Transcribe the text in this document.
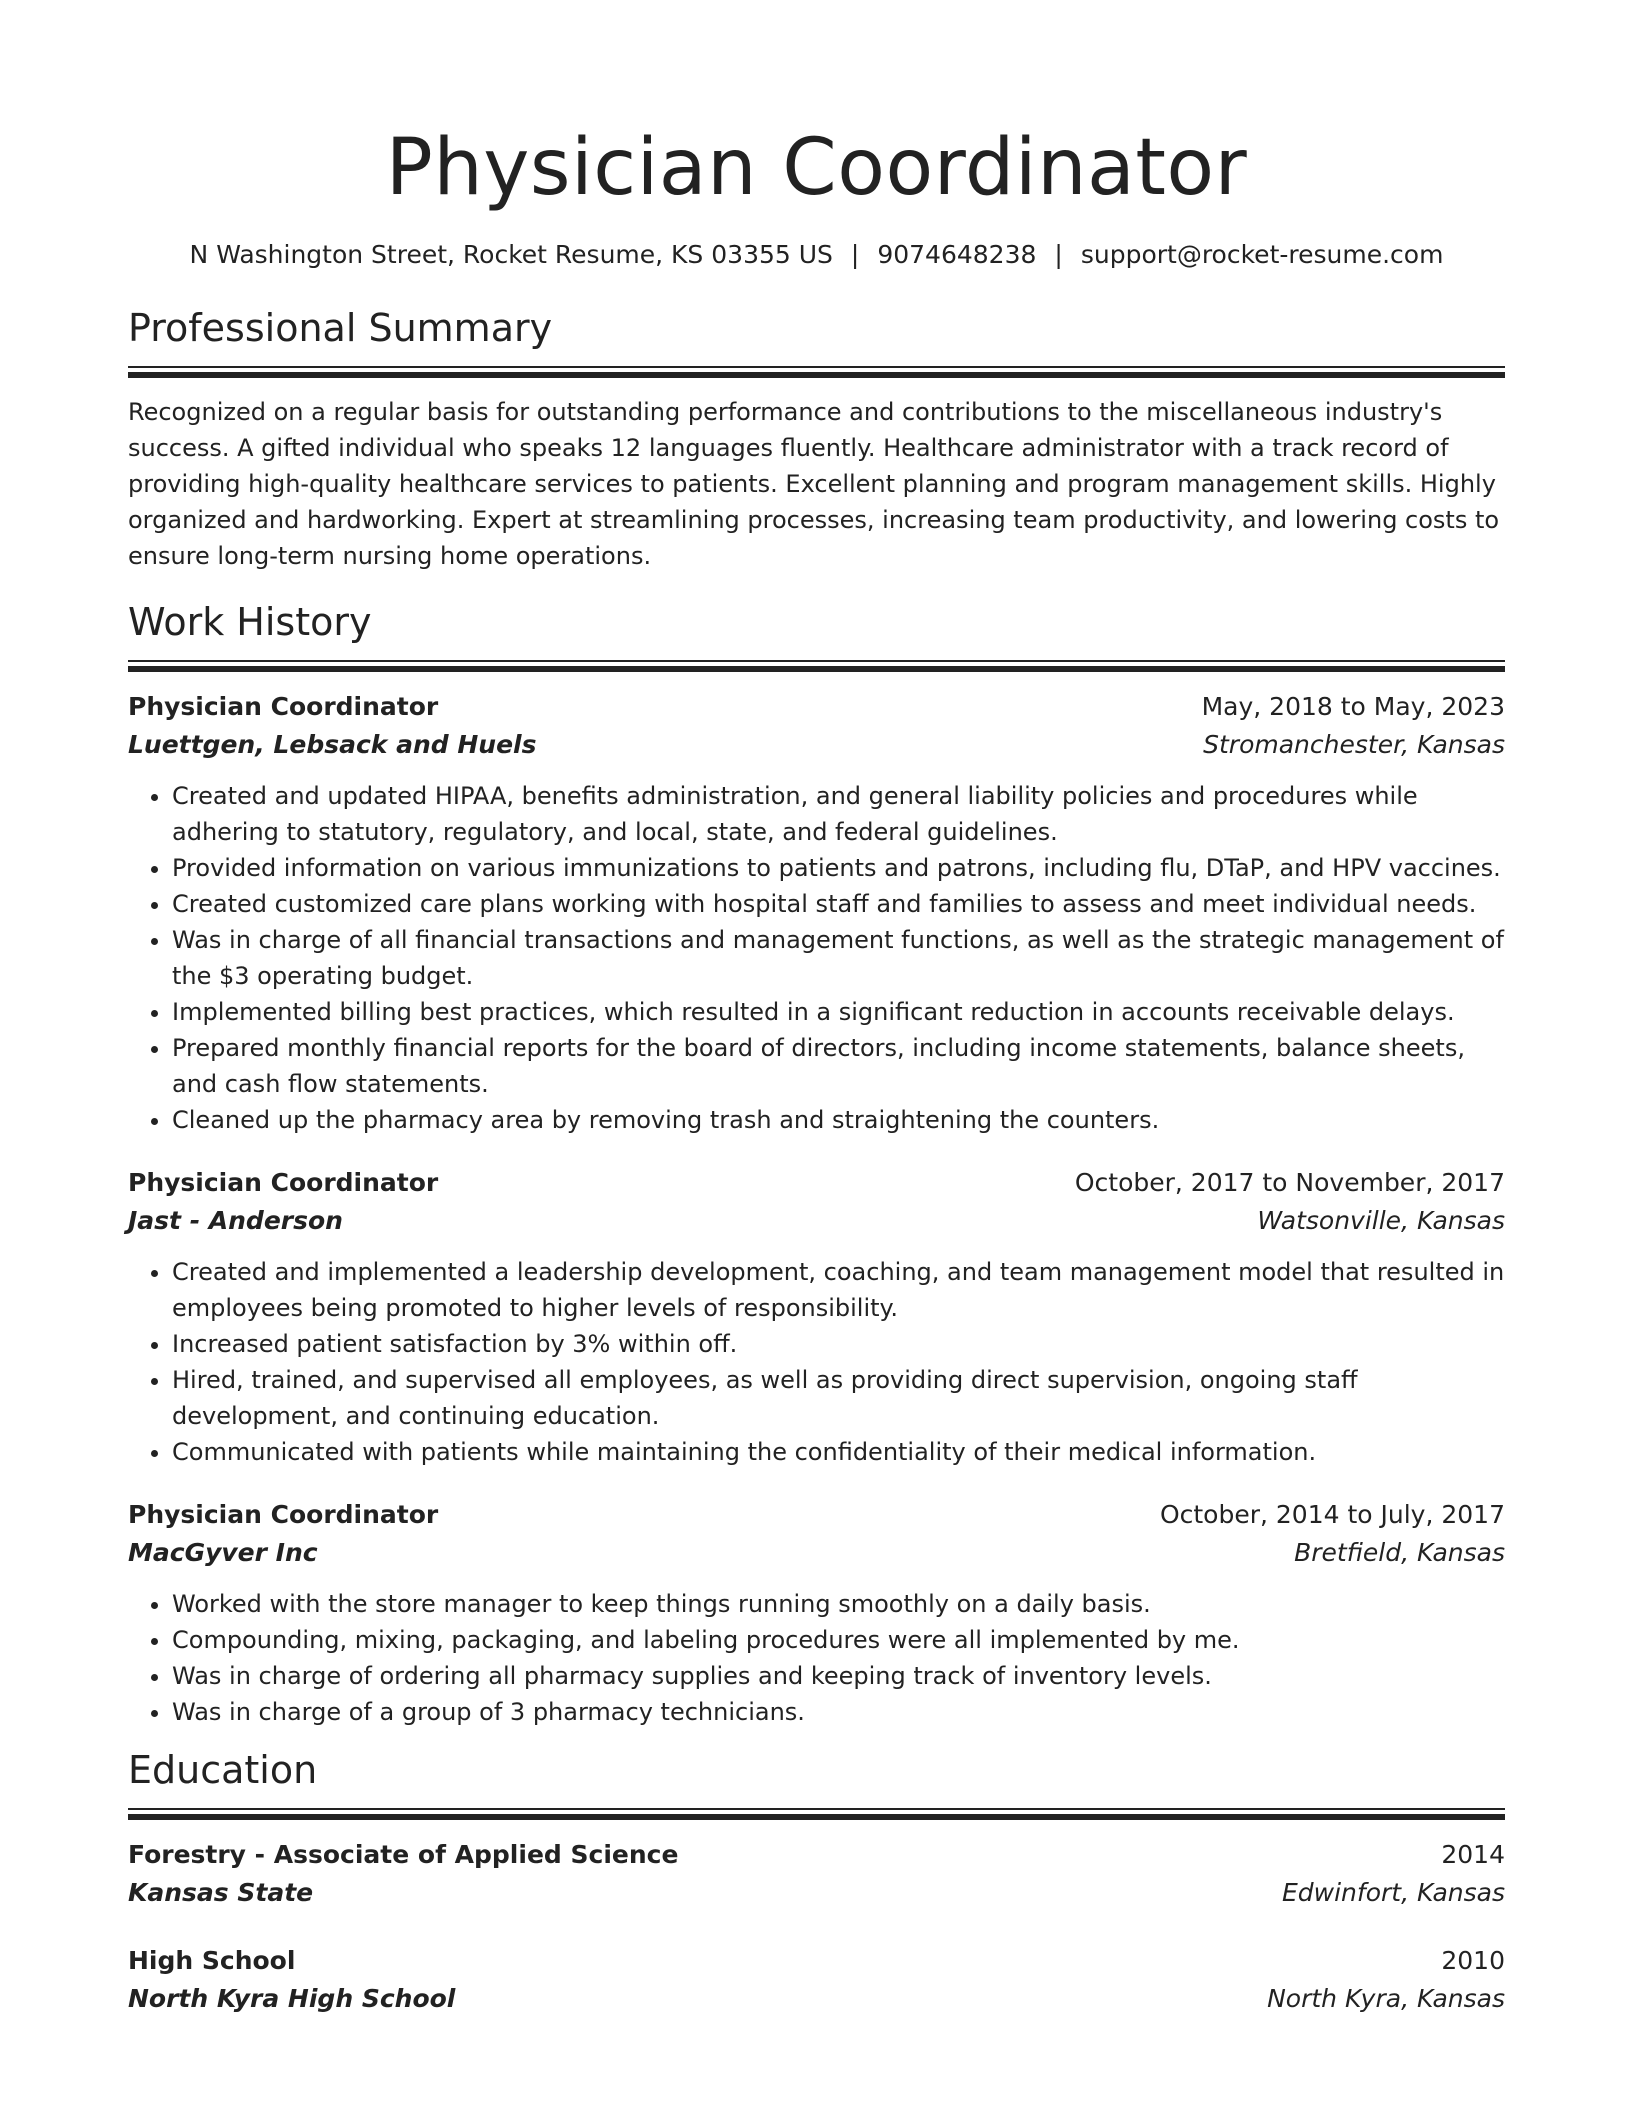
Physician Coordinator
N Washington Street, Rocket Resume, KS 03355 US | 9074648238 | support@rocket-resume.com
Professional Summary

Recognized on a regular basis for outstanding performance and contributions to the miscellaneous industry's success. A gifted individual who speaks 12 languages fluently. Healthcare administrator with a track record of providing high-quality healthcare services to patients. Excellent planning and program management skills. Highly organized and hardworking. Expert at streamlining processes, increasing team productivity, and lowering costs to ensure long-term nursing home operations.

Work History
Physician Coordinator	May, 2018 to May, 2023
Luettgen, Lebsack and Huels	Stromanchester, Kansas
• Created and updated HIPAA, benefits administration, and general liability policies and procedures while adhering to statutory, regulatory, and local, state, and federal guidelines.
• Provided information on various immunizations to patients and patrons, including flu, DTaP, and HPV vaccines.
• Created customized care plans working with hospital staff and families to assess and meet individual needs.
• Was in charge of all financial transactions and management functions, as well as the strategic management of the $3 operating budget.
• Implemented billing best practices, which resulted in a significant reduction in accounts receivable delays.
• Prepared monthly financial reports for the board of directors, including income statements, balance sheets, and cash flow statements.
• Cleaned up the pharmacy area by removing trash and straightening the counters.
Physician Coordinator	October, 2017 to November, 2017
Jast - Anderson	Watsonville, Kansas
• Created and implemented a leadership development, coaching, and team management model that resulted in employees being promoted to higher levels of responsibility.
• Increased patient satisfaction by 3% within off.
• Hired, trained, and supervised all employees, as well as providing direct supervision, ongoing staff development, and continuing education.
• Communicated with patients while maintaining the confidentiality of their medical information.
Physician Coordinator	October, 2014 to July, 2017
MacGyver Inc	Bretfield, Kansas
• Worked with the store manager to keep things running smoothly on a daily basis.
• Compounding, mixing, packaging, and labeling procedures were all implemented by me.
• Was in charge of ordering all pharmacy supplies and keeping track of inventory levels.
• Was in charge of a group of 3 pharmacy technicians.
Education
Forestry - Associate of Applied Science	2014
Kansas State	Edwinfort, Kansas
High School	2010
North Kyra High School	North Kyra, Kansas
